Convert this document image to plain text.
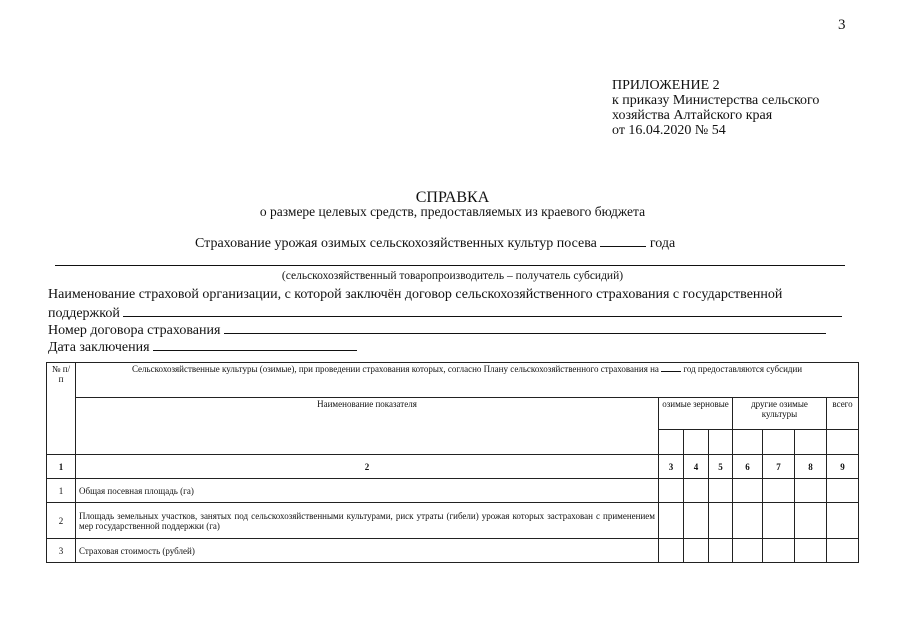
3
ПРИЛОЖЕНИЕ 2
к приказу Министерства сельского
хозяйства Алтайского края
от 16.04.2020 № 54
СПРАВКА
о размере целевых средств, предоставляемых из краевого бюджета
Страхование урожая озимых сельскохозяйственных культур посева	года
(сельскохозяйственный товаропроизводитель – получатель субсидий)
Наименование страховой организации, с которой заключён договор сельскохозяйственного страхования с государственной
поддержкой
Номер договора страхования
Дата заключения
№ п/п	Сельскохозяйственные культуры (озимые), при проведении страхования которых, согласно Плану сельскохозяйственного страхования на год предоставляются субсидии							
	Наименование показателя	озимые зерновые			другие озимые культуры			всего

1	2	3	4	5	6	7	8	9
1	Общая посевная площадь (га)							
2	Площадь земельных участков, занятых под сельскохозяйственными культурами, риск утраты (гибели) урожая которых застрахован с применением мер государственной поддержки (га)							
3	Страховая стоимость (рублей)							
